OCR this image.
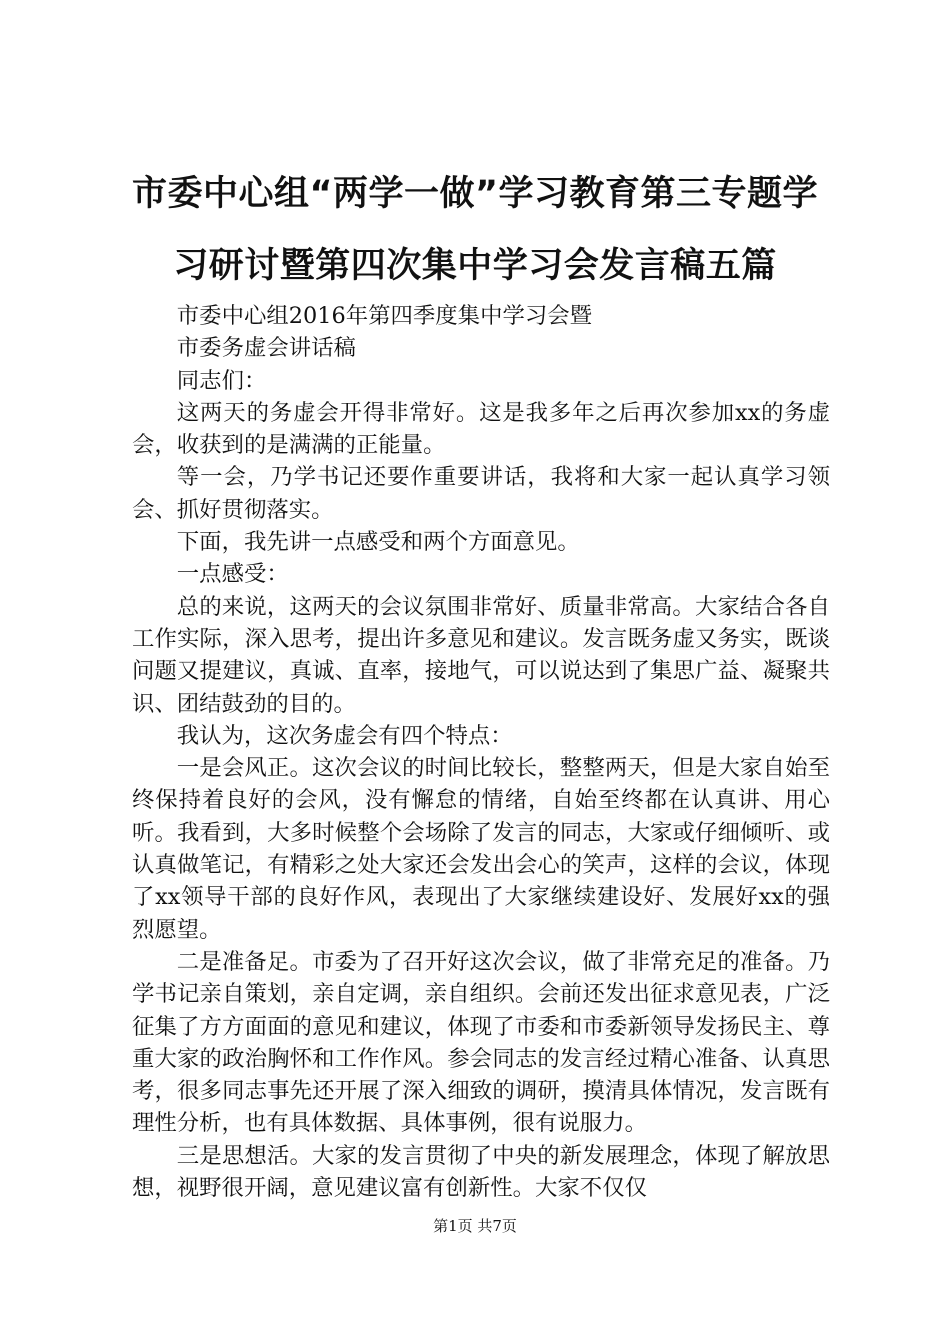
市委中心组“两学一做”学习教育第三专题学
习研讨暨第四次集中学习会发言稿五篇

市委中心组2016年第四季度集中学习会暨

市委务虚会讲话稿

同志们：

这两天的务虚会开得非常好。这是我多年之后再次参加xx的务虚会，收获到的是满满的正能量。

等一会，乃学书记还要作重要讲话，我将和大家一起认真学习领会、抓好贯彻落实。

下面，我先讲一点感受和两个方面意见。

一点感受：

总的来说，这两天的会议氛围非常好、质量非常高。大家结合各自工作实际，深入思考，提出许多意见和建议。发言既务虚又务实，既谈问题又提建议，真诚、直率，接地气，可以说达到了集思广益、凝聚共识、团结鼓劲的目的。

我认为，这次务虚会有四个特点：

一是会风正。这次会议的时间比较长，整整两天，但是大家自始至终保持着良好的会风，没有懈怠的情绪，自始至终都在认真讲、用心听。我看到，大多时候整个会场除了发言的同志，大家或仔细倾听、或认真做笔记，有精彩之处大家还会发出会心的笑声，这样的会议，体现了xx领导干部的良好作风，表现出了大家继续建设好、发展好xx的强烈愿望。

二是准备足。市委为了召开好这次会议，做了非常充足的准备。乃学书记亲自策划，亲自定调，亲自组织。会前还发出征求意见表，广泛征集了方方面面的意见和建议，体现了市委和市委新领导发扬民主、尊重大家的政治胸怀和工作作风。参会同志的发言经过精心准备、认真思考，很多同志事先还开展了深入细致的调研，摸清具体情况，发言既有理性分析，也有具体数据、具体事例，很有说服力。

三是思想活。大家的发言贯彻了中央的新发展理念，体现了解放思想，视野很开阔，意见建议富有创新性。大家不仅仅

第1页 共7页
